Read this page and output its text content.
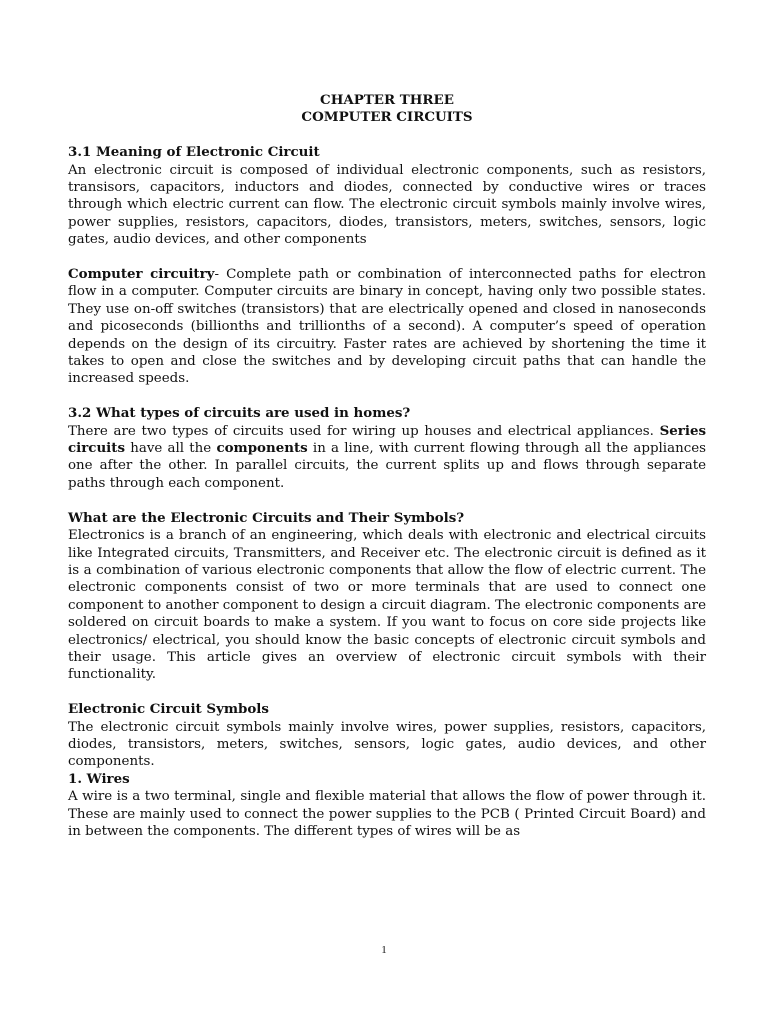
CHAPTER THREE
COMPUTER CIRCUITS

3.1 Meaning of Electronic Circuit

An electronic circuit is composed of individual electronic components, such as resistors, transisors, capacitors, inductors and diodes, connected by conductive wires or traces through which electric current can flow. The electronic circuit symbols mainly involve wires, power supplies, resistors, capacitors, diodes, transistors, meters, switches, sensors, logic gates, audio devices, and other components

Computer circuitry- Complete path or combination of interconnected paths for electron flow in a computer. Computer circuits are binary in concept, having only two possible states. They use on-off switches (transistors) that are electrically opened and closed in nanoseconds and picoseconds (billionths and trillionths of a second). A computer’s speed of operation depends on the design of its circuitry. Faster rates are achieved by shortening the time it takes to open and close the switches and by developing circuit paths that can handle the increased speeds.

3.2 What types of circuits are used in homes?

There are two types of circuits used for wiring up houses and electrical appliances. Series circuits have all the components in a line, with current flowing through all the appliances one after the other. In parallel circuits, the current splits up and flows through separate paths through each component.

What are the Electronic Circuits and Their Symbols?

Electronics is a branch of an engineering, which deals with electronic and electrical circuits like Integrated circuits, Transmitters, and Receiver etc. The electronic circuit is defined as it is a combination of various electronic components that allow the flow of electric current. The electronic components consist of two or more terminals that are used to connect one component to another component to design a circuit diagram. The electronic components are soldered on circuit boards to make a system. If you want to focus on core side projects like electronics/ electrical, you should know the basic concepts of electronic circuit symbols and their usage. This article gives an overview of electronic circuit symbols with their functionality.

Electronic Circuit Symbols

The electronic circuit symbols mainly involve wires, power supplies, resistors, capacitors, diodes, transistors, meters, switches, sensors, logic gates, audio devices, and other components.

1. Wires

A wire is a two terminal, single and flexible material that allows the flow of power through it. These are mainly used to connect the power supplies to the PCB ( Printed Circuit Board) and in between the components. The different types of wires will be as

1
